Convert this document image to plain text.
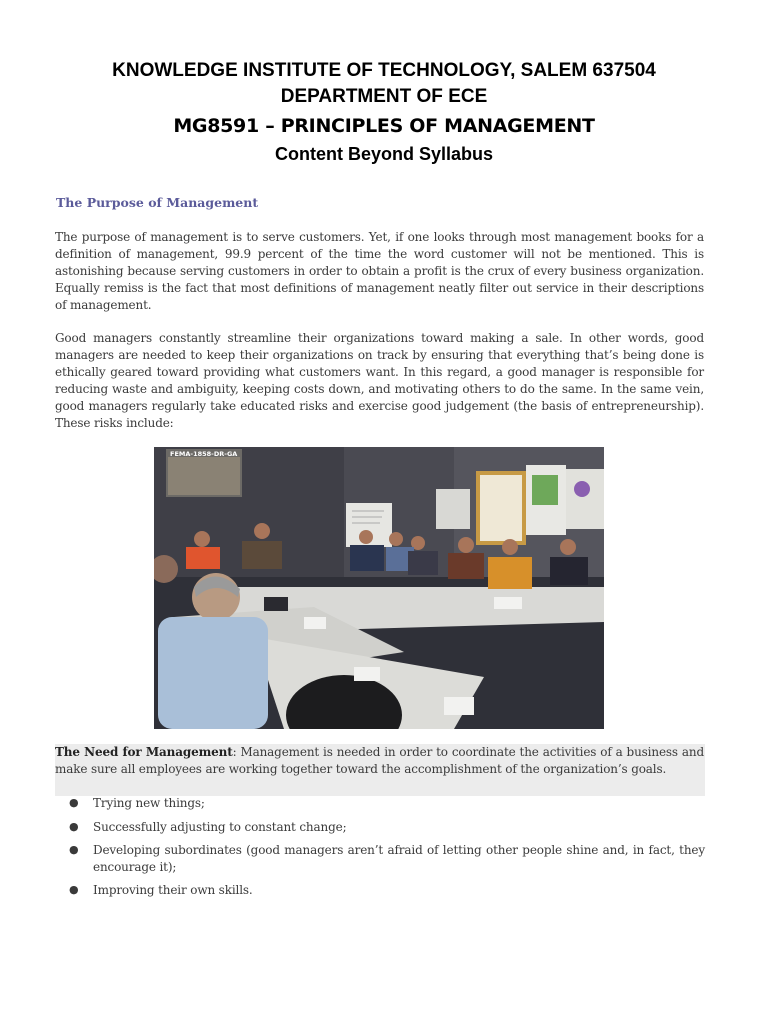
KNOWLEDGE INSTITUTE OF TECHNOLOGY, SALEM 637504
DEPARTMENT OF ECE
MG8591 – PRINCIPLES OF MANAGEMENT
Content Beyond Syllabus
The Purpose of Management

The purpose of management is to serve customers. Yet, if one looks through most management books for a definition of management, 99.9 percent of the time the word customer will not be mentioned. This is astonishing because serving customers in order to obtain a profit is the crux of every business organization. Equally remiss is the fact that most definitions of management neatly filter out service in their descriptions of management.

Good managers constantly streamline their organizations toward making a sale. In other words, good managers are needed to keep their organizations on track by ensuring that everything that’s being done is ethically geared toward providing what customers want. In this regard, a good manager is responsible for reducing waste and ambiguity, keeping costs down, and motivating others to do the same. In the same vein, good managers regularly take educated risks and exercise good judgement (the basis of entrepreneurship). These risks include:

FEMA-1858-DR-GA

The Need for Management: Management is needed in order to coordinate the activities of a business and make sure all employees are working together toward the accomplishment of the organization’s goals.

● Trying new things;
● Successfully adjusting to constant change;
● Developing subordinates (good managers aren’t afraid of letting other people shine and, in fact, they encourage it);
● Improving their own skills.
